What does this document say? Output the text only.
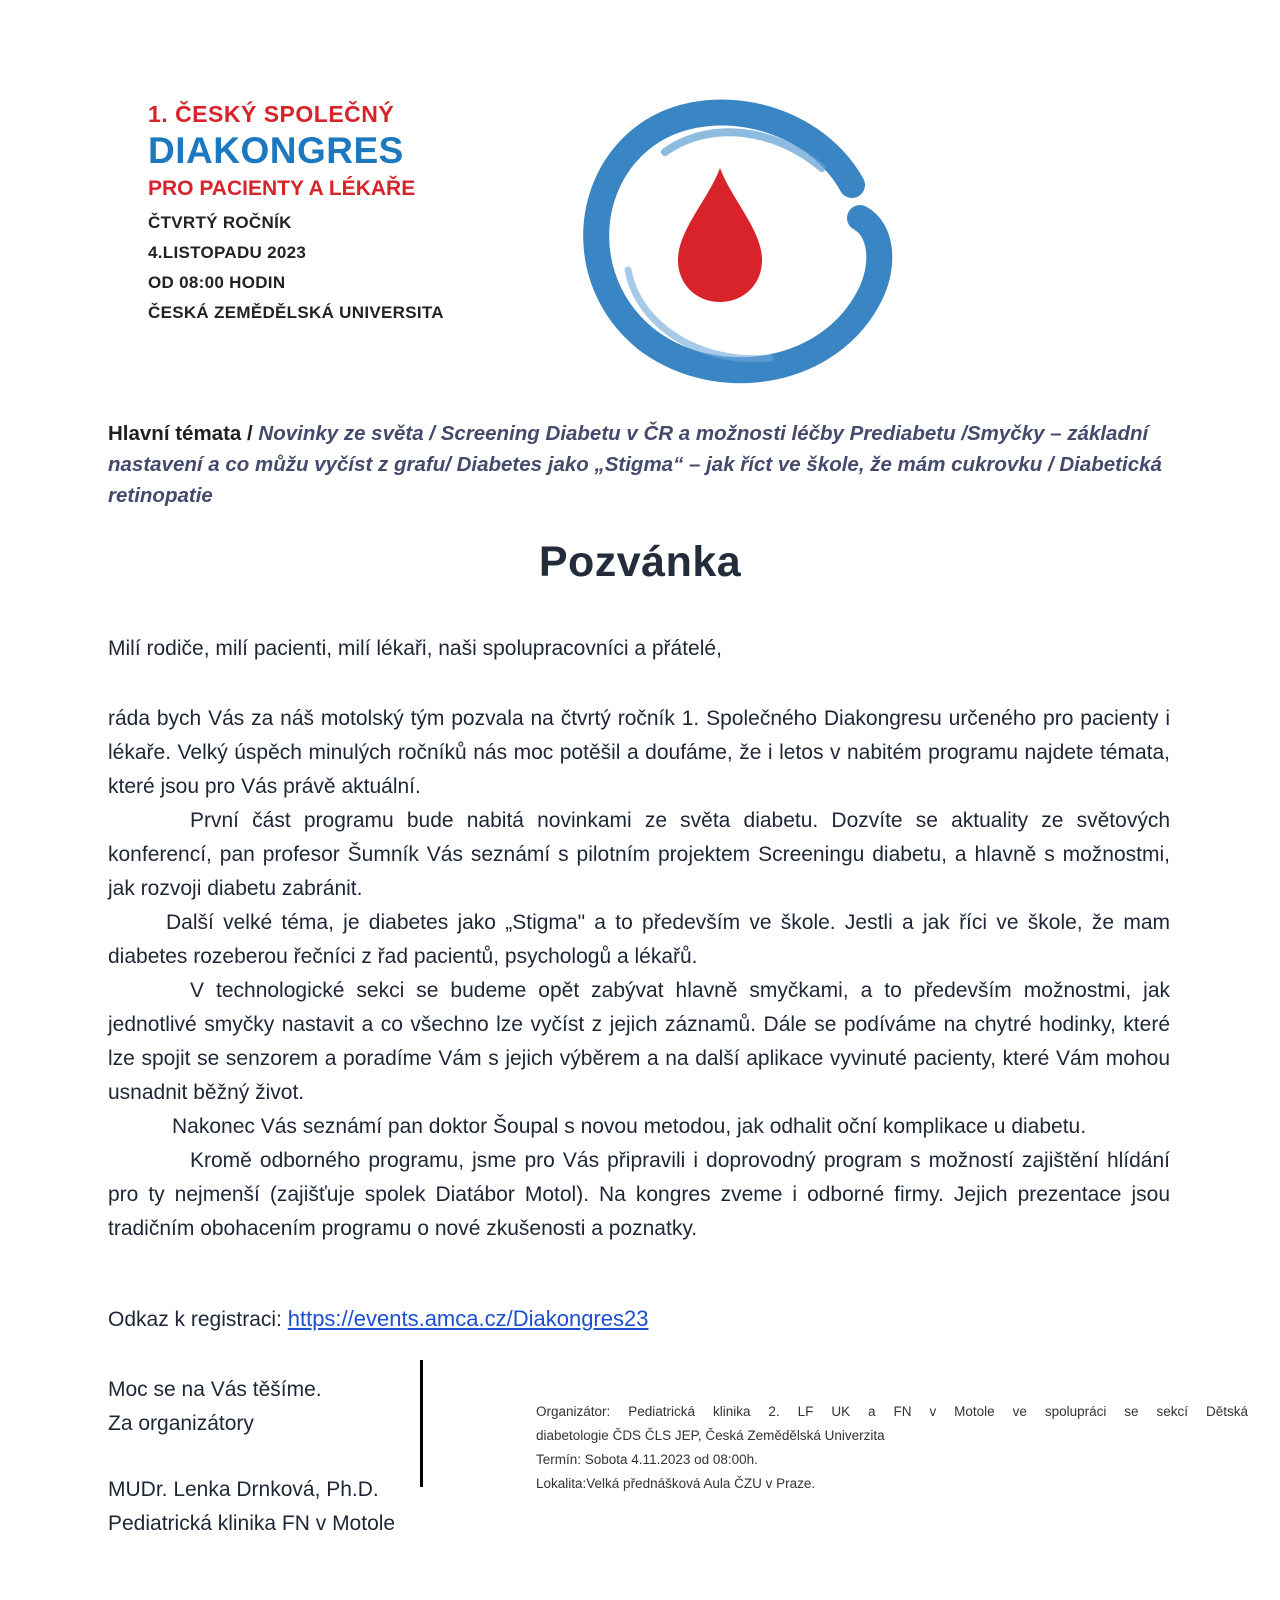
1. ČESKÝ SPOLEČNÝ
DIAKONGRES
PRO PACIENTY A LÉKAŘE
ČTVRTÝ ROČNÍK
4.LISTOPADU 2023
OD 08:00 HODIN
ČESKÁ ZEMĚDĚLSKÁ UNIVERSITA
Hlavní témata / Novinky ze světa / Screening Diabetu v ČR a možnosti léčby Prediabetu /Smyčky – základní nastavení a co můžu vyčíst z grafu/ Diabetes jako „Stigma“ – jak říct ve škole, že mám cukrovku / Diabetická retinopatie
Pozvánka
Milí rodiče, milí pacienti, milí lékaři, naši spolupracovníci a přátelé,

ráda bych Vás za náš motolský tým pozvala na čtvrtý ročník 1. Společného Diakongresu určeného pro pacienty i lékaře. Velký úspěch minulých ročníků nás moc potěšil a doufáme, že i letos v nabitém programu najdete témata, které jsou pro Vás právě aktuální.

První část programu bude nabitá novinkami ze světa diabetu. Dozvíte se aktuality ze světových konferencí, pan profesor Šumník Vás seznámí s pilotním projektem Screeningu diabetu, a hlavně s možnostmi, jak rozvoji diabetu zabránit.

Další velké téma, je diabetes jako „Stigma" a to především ve škole. Jestli a jak říci ve škole, že mam diabetes rozeberou řečníci z řad pacientů, psychologů a lékařů.

V technologické sekci se budeme opět zabývat hlavně smyčkami, a to především možnostmi, jak jednotlivé smyčky nastavit a co všechno lze vyčíst z jejich záznamů. Dále se podíváme na chytré hodinky, které lze spojit se senzorem a poradíme Vám s jejich výběrem a na další aplikace vyvinuté pacienty, které Vám mohou usnadnit běžný život.

Nakonec Vás seznámí pan doktor Šoupal s novou metodou, jak odhalit oční komplikace u diabetu.

Kromě odborného programu, jsme pro Vás připravili i doprovodný program s možností zajištění hlídání pro ty nejmenší (zajišťuje spolek Diatábor Motol). Na kongres zveme i odborné firmy. Jejich prezentace jsou tradičním obohacením programu o nové zkušenosti a poznatky.

Odkaz k registraci: https://events.amca.cz/Diakongres23
Moc se na Vás těšíme.
Za organizátory
MUDr. Lenka Drnková, Ph.D.
Pediatrická klinika FN v Motole
Organizátor: Pediatrická klinika 2. LF UK a FN v Motole ve spolupráci se sekcí Dětská
diabetologie ČDS ČLS JEP, Česká Zemědělská Univerzita
Termín: Sobota 4.11.2023 od 08:00h.
Lokalita:Velká přednášková Aula ČZU v Praze.
